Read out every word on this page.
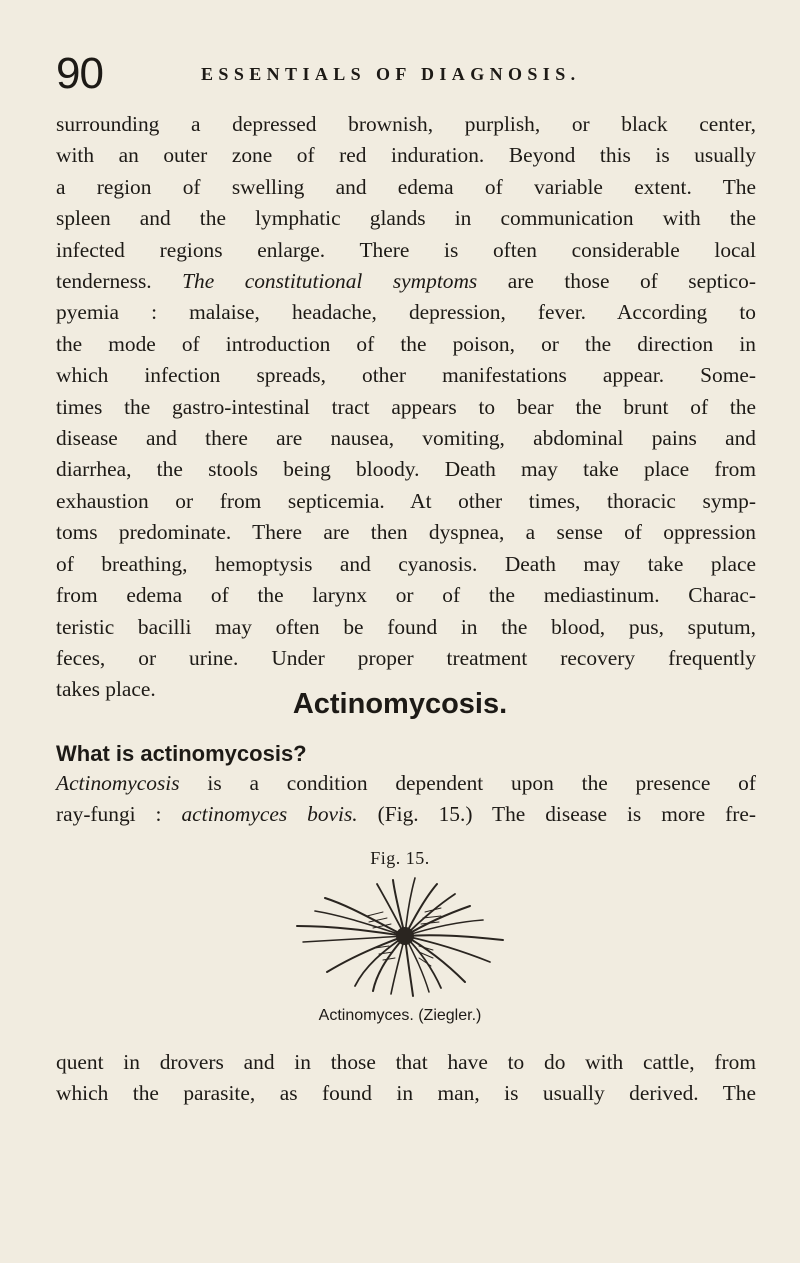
90	ESSENTIALS OF DIAGNOSIS.
surrounding a depressed brownish, purplish, or black center,
with an outer zone of red induration. Beyond this is usually
a region of swelling and edema of variable extent. The
spleen and the lymphatic glands in communication with the
infected regions enlarge. There is often considerable local
tenderness. The constitutional symptoms are those of septico-
pyemia : malaise, headache, depression, fever. According to
the mode of introduction of the poison, or the direction in
which infection spreads, other manifestations appear. Some-
times the gastro-intestinal tract appears to bear the brunt of the
disease and there are nausea, vomiting, abdominal pains and
diarrhea, the stools being bloody. Death may take place from
exhaustion or from septicemia. At other times, thoracic symp-
toms predominate. There are then dyspnea, a sense of oppression
of breathing, hemoptysis and cyanosis. Death may take place
from edema of the larynx or of the mediastinum. Charac-
teristic bacilli may often be found in the blood, pus, sputum,
feces, or urine. Under proper treatment recovery frequently
takes place.	Actinomycosis.
What is actinomycosis?
Actinomycosis is a condition dependent upon the presence of
ray-fungi : actinomyces bovis. (Fig. 15.) The disease is more fre-
Fig. 15.
Actinomyces. (Ziegler.)
quent in drovers and in those that have to do with cattle, from
which the parasite, as found in man, is usually derived. The
